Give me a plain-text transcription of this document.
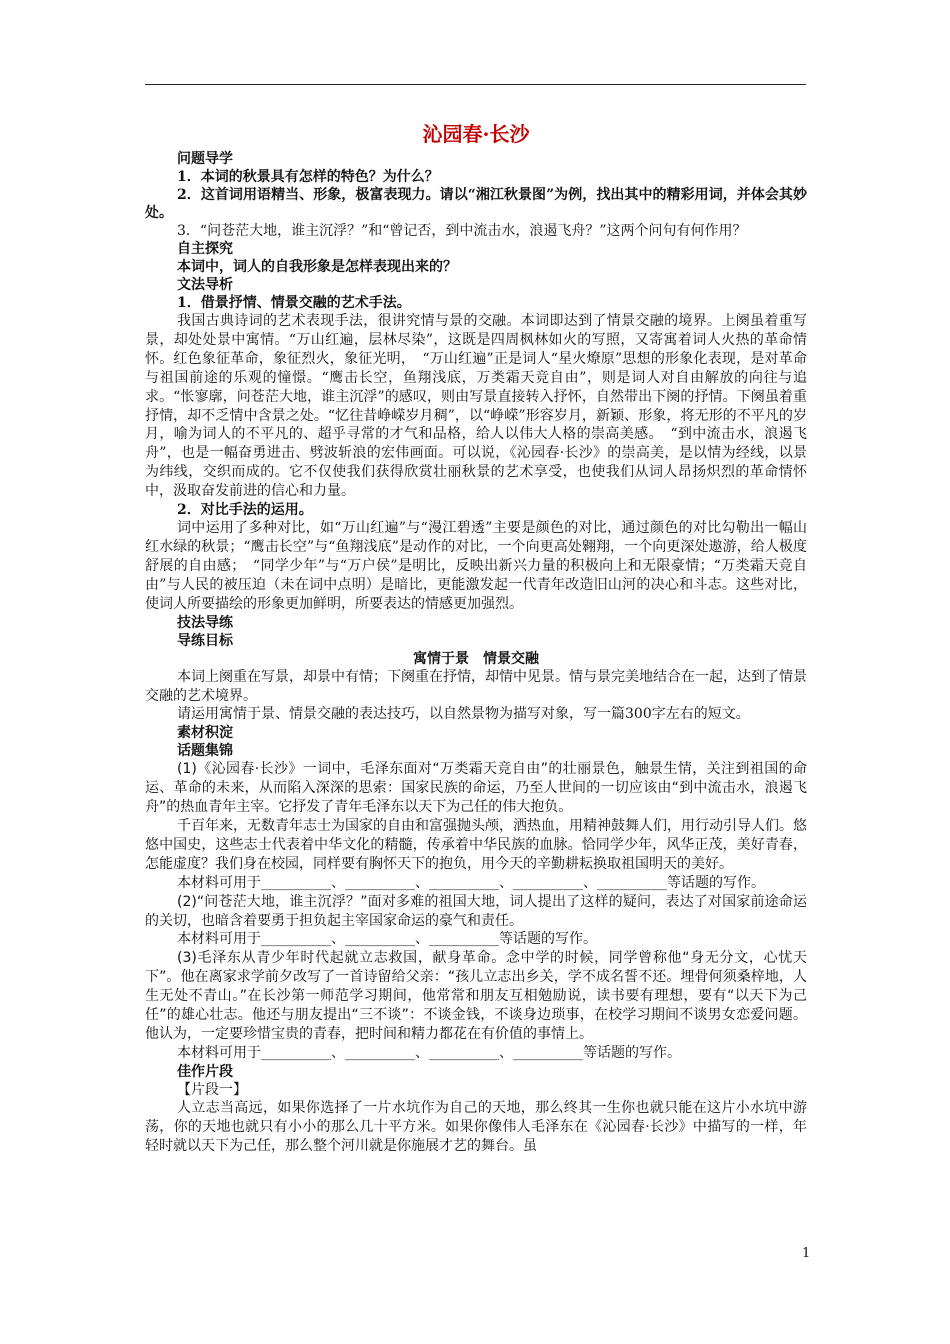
沁园春·长沙
问题导学
1．本词的秋景具有怎样的特色？为什么？
2．这首词用语精当、形象，极富表现力。请以“湘江秋景图”为例，找出其中的精彩用词，并体会其妙处。
3．“问苍茫大地，谁主沉浮？”和“曾记否，到中流击水，浪遏飞舟？”这两个问句有何作用？
自主探究
本词中，词人的自我形象是怎样表现出来的？
文法导析
1．借景抒情、情景交融的艺术手法。
我国古典诗词的艺术表现手法，很讲究情与景的交融。本词即达到了情景交融的境界。上阕虽着重写景，却处处景中寓情。“万山红遍，层林尽染”，这既是四周枫林如火的写照，又寄寓着词人火热的革命情怀。红色象征革命，象征烈火，象征光明，　“万山红遍”正是词人“星火燎原”思想的形象化表现，是对革命与祖国前途的乐观的憧憬。“鹰击长空，鱼翔浅底，万类霜天竞自由”，则是词人对自由解放的向往与追求。“怅寥廓，问苍茫大地，谁主沉浮”的感叹，则由写景直接转入抒怀，自然带出下阕的抒情。下阕虽着重抒情，却不乏情中含景之处。“忆往昔峥嵘岁月稠”，以“峥嵘”形容岁月，新颖、形象，将无形的不平凡的岁月，喻为词人的不平凡的、超乎寻常的才气和品格，给人以伟大人格的崇高美感。　“到中流击水，浪遏飞舟”，也是一幅奋勇进击、劈波斩浪的宏伟画面。可以说，《沁园春·长沙》的崇高美，是以情为经线，以景为纬线，交织而成的。它不仅使我们获得欣赏壮丽秋景的艺术享受，也使我们从词人昂扬炽烈的革命情怀中，汲取奋发前进的信心和力量。
2．对比手法的运用。
词中运用了多种对比，如“万山红遍”与“漫江碧透”主要是颜色的对比，通过颜色的对比勾勒出一幅山红水绿的秋景；“鹰击长空”与“鱼翔浅底”是动作的对比，一个向更高处翱翔，一个向更深处遨游，给人极度舒展的自由感；　“同学少年”与“万户侯”是明比，反映出新兴力量的积极向上和无限豪情；“万类霜天竞自由”与人民的被压迫（未在词中点明）是暗比，更能激发起一代青年改造旧山河的决心和斗志。这些对比，使词人所要描绘的形象更加鲜明，所要表达的情感更加强烈。
技法导练
导练目标
寓情于景　情景交融
本词上阕重在写景，却景中有情；下阕重在抒情，却情中见景。情与景完美地结合在一起，达到了情景交融的艺术境界。
请运用寓情于景、情景交融的表达技巧，以自然景物为描写对象，写一篇300字左右的短文。
素材积淀
话题集锦
(1)《沁园春·长沙》一词中，毛泽东面对“万类霜天竞自由”的壮丽景色，触景生情，关注到祖国的命运、革命的未来，从而陷入深深的思索：国家民族的命运，乃至人世间的一切应该由“到中流击水，浪遏飞舟”的热血青年主宰。它抒发了青年毛泽东以天下为己任的伟大抱负。
千百年来，无数青年志士为国家的自由和富强抛头颅，洒热血，用精神鼓舞人们，用行动引导人们。悠悠中国史，这些志士代表着中华文化的精髓，传承着中华民族的血脉。恰同学少年，风华正茂，美好青春，怎能虚度？我们身在校园，同样要有胸怀天下的抱负，用今天的辛勤耕耘换取祖国明天的美好。
本材料可用于__________、__________、__________、__________、__________等话题的写作。
(2)“问苍茫大地，谁主沉浮？”面对多难的祖国大地，词人提出了这样的疑问，表达了对国家前途命运的关切，也暗含着要勇于担负起主宰国家命运的豪气和责任。
本材料可用于__________、__________、__________等话题的写作。
(3)毛泽东从青少年时代起就立志救国，献身革命。念中学的时候，同学曾称他“身无分文，心忧天下”。他在离家求学前夕改写了一首诗留给父亲：“孩儿立志出乡关，学不成名誓不还。埋骨何须桑梓地，人生无处不青山。”在长沙第一师范学习期间，他常常和朋友互相勉励说，读书要有理想，要有“以天下为己任”的雄心壮志。他还与朋友提出“三不谈”：不谈金钱，不谈身边琐事，在校学习期间不谈男女恋爱问题。他认为，一定要珍惜宝贵的青春，把时间和精力都花在有价值的事情上。
本材料可用于__________、__________、__________、__________等话题的写作。
佳作片段
【片段一】
人立志当高远，如果你选择了一片水坑作为自己的天地，那么终其一生你也就只能在这片小水坑中游荡，你的天地也就只有小小的那么几十平方米。如果你像伟人毛泽东在《沁园春·长沙》中描写的一样，年轻时就以天下为己任，那么整个河川就是你施展才艺的舞台。虽
1
